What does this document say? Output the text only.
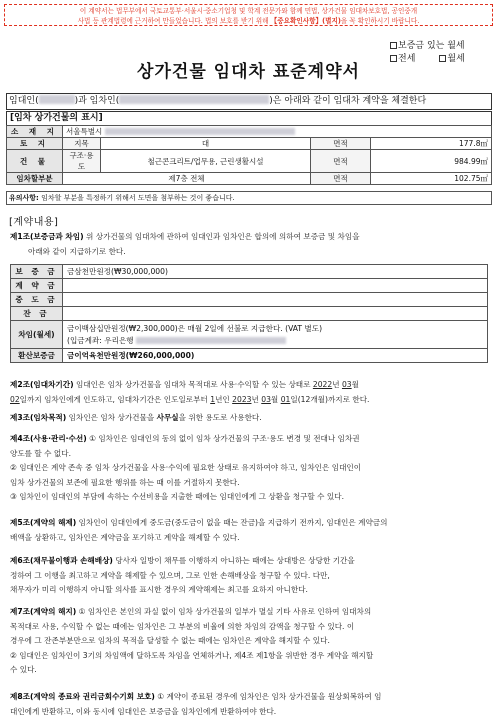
이 계약서는 법무부에서 국토교통부·서울시·중소기업청 및 학계 전문가와 함께 민법, 상가건물 임대차보호법, 공인중개
사법 등 관계법령에 근거하여 만들었습니다. 법의 보호를 받기 위해 【중요확인사항】(별지)을 꼭 확인하시기 바랍니다.
보증금 있는 월세
전세	월세
상가건물 임대차 표준계약서
임대인(	)과 임차인(	)은 아래와 같이 임대차 계약을 체결한다
[임차 상가건물의 표시]
소 재 지	서울특별시			
토 지	지목	대	면적	177.8㎡
건 물	구조·용도	철근콘크리트/업무용, 근린생활시설	면적	984.99㎡
임차할부분	제7층 전체		면적	102.75㎡
유의사항: 임차할 부분을 특정하기 위해서 도면을 첨부하는 것이 좋습니다.
[계약내용]
제1조(보증금과 차임) 위 상가건물의 임대차에 관하여 임대인과 임차인은 합의에 의하여 보증금 및 차임을
아래와 같이 지급하기로 한다.
보 증 금	금삼천만원정(₩30,000,000)
계 약 금	
중 도 금	
잔 금	
차임(월세)	금이백삼십만원정(₩2,300,000)은 매월 2일에 선불로 지급한다. (VAT 별도)
(입금계좌: 우리은행

환산보증금	금이억육천만원정(₩260,000,000)
제2조(임대차기간) 임대인은 임차 상가건물을 임대차 목적대로 사용·수익할 수 있는 상태로 2022년 03월
02일까지 임차인에게 인도하고, 임대차기간은 인도일로부터 1년인 2023년 03월 01일(12개월)까지로 한다.
제3조(임차목적) 임차인은 임차 상가건물을 사무실을 위한 용도로 사용한다.
제4조(사용·관리·수선) ① 임차인은 임대인의 동의 없이 임차 상가건물의 구조·용도 변경 및 전대나 임차권
양도를 할 수 없다.
② 임대인은 계약 존속 중 임차 상가건물을 사용·수익에 필요한 상태로 유지하여야 하고, 임차인은 임대인이
임차 상가건물의 보존에 필요한 행위를 하는 때 이를 거절하지 못한다.
③ 임차인이 임대인의 부담에 속하는 수선비용을 지출한 때에는 임대인에게 그 상환을 청구할 수 있다.
제5조(계약의 해제) 임차인이 임대인에게 중도금(중도금이 없을 때는 잔금)을 지급하기 전까지, 임대인은 계약금의
배액을 상환하고, 임차인은 계약금을 포기하고 계약을 해제할 수 있다.
제6조(채무불이행과 손해배상) 당사자 일방이 채무를 이행하지 아니하는 때에는 상대방은 상당한 기간을
정하여 그 이행을 최고하고 계약을 해제할 수 있으며, 그로 인한 손해배상을 청구할 수 있다. 다만,
채무자가 미리 이행하지 아니할 의사를 표시한 경우의 계약해제는 최고를 요하지 아니한다.
제7조(계약의 해지) ① 임차인은 본인의 과실 없이 임차 상가건물의 일부가 멸실 기타 사유로 인하여 임대차의
목적대로 사용, 수익할 수 없는 때에는 임차인은 그 부분의 비율에 의한 차임의 감액을 청구할 수 있다. 이
경우에 그 잔존부분만으로 임차의 목적을 달성할 수 없는 때에는 임차인은 계약을 해지할 수 있다.
② 임대인은 임차인이 3기의 차임액에 달하도록 차임을 연체하거나, 제4조 제1항을 위반한 경우 계약을 해지할
수 있다.
제8조(계약의 종료와 권리금회수기회 보호) ① 계약이 종료된 경우에 임차인은 임차 상가건물을 원상회복하여 임
대인에게 반환하고, 이와 동시에 임대인은 보증금을 임차인에게 반환하여야 한다.
